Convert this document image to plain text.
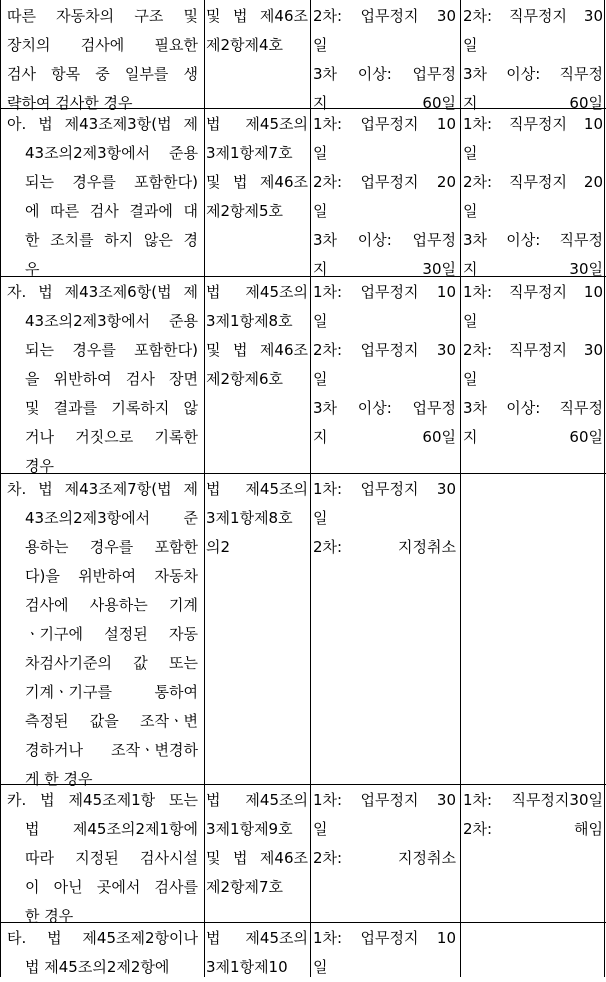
따른 자동차의 구조 및
장치의 검사에 필요한
검사 항목 중 일부를 생
략하여 검사한 경우
및 법 제46조
제2항제4호
2차: 업무정지 30
일
3차 이상: 업무정
지 60일
2차: 직무정지 30
일
3차 이상: 직무정
지 60일
아. 법 제43조제3항(법 제
43조의2제3항에서 준용
되는 경우를 포함한다)
에 따른 검사 결과에 대
한 조치를 하지 않은 경
우
법 제45조의
3제1항제7호
및 법 제46조
제2항제5호
1차: 업무정지 10
일
2차: 업무정지 20
일
3차 이상: 업무정
지 30일
1차: 직무정지 10
일
2차: 직무정지 20
일
3차 이상: 직무정
지 30일
자. 법 제43조제6항(법 제
43조의2제3항에서 준용
되는 경우를 포함한다)
을 위반하여 검사 장면
및 결과를 기록하지 않
거나 거짓으로 기록한
경우
법 제45조의
3제1항제8호
및 법 제46조
제2항제6호
1차: 업무정지 10
일
2차: 업무정지 30
일
3차 이상: 업무정
지 60일
1차: 직무정지 10
일
2차: 직무정지 30
일
3차 이상: 직무정
지 60일
차. 법 제43조제7항(법 제
43조의2제3항에서 준
용하는 경우를 포함한
다)을 위반하여 자동차
검사에 사용하는 기계
ㆍ기구에 설정된 자동
차검사기준의 값 또는
기계ㆍ기구를 통하여
측정된 값을 조작ㆍ변
경하거나 조작ㆍ변경하
게 한 경우
법 제45조의
3제1항제8호
의2
1차: 업무정지 30
일
2차: 지정취소
카. 법 제45조제1항 또는
법 제45조의2제1항에
따라 지정된 검사시설
이 아닌 곳에서 검사를
한 경우
법 제45조의
3제1항제9호
및 법 제46조
제2항제7호
1차: 업무정지 30
일
2차: 지정취소
1차: 직무정지30일
2차: 해임
타. 법 제45조제2항이나
법 제45조의2제2항에
법 제45조의
3제1항제10
1차: 업무정지 10
일
